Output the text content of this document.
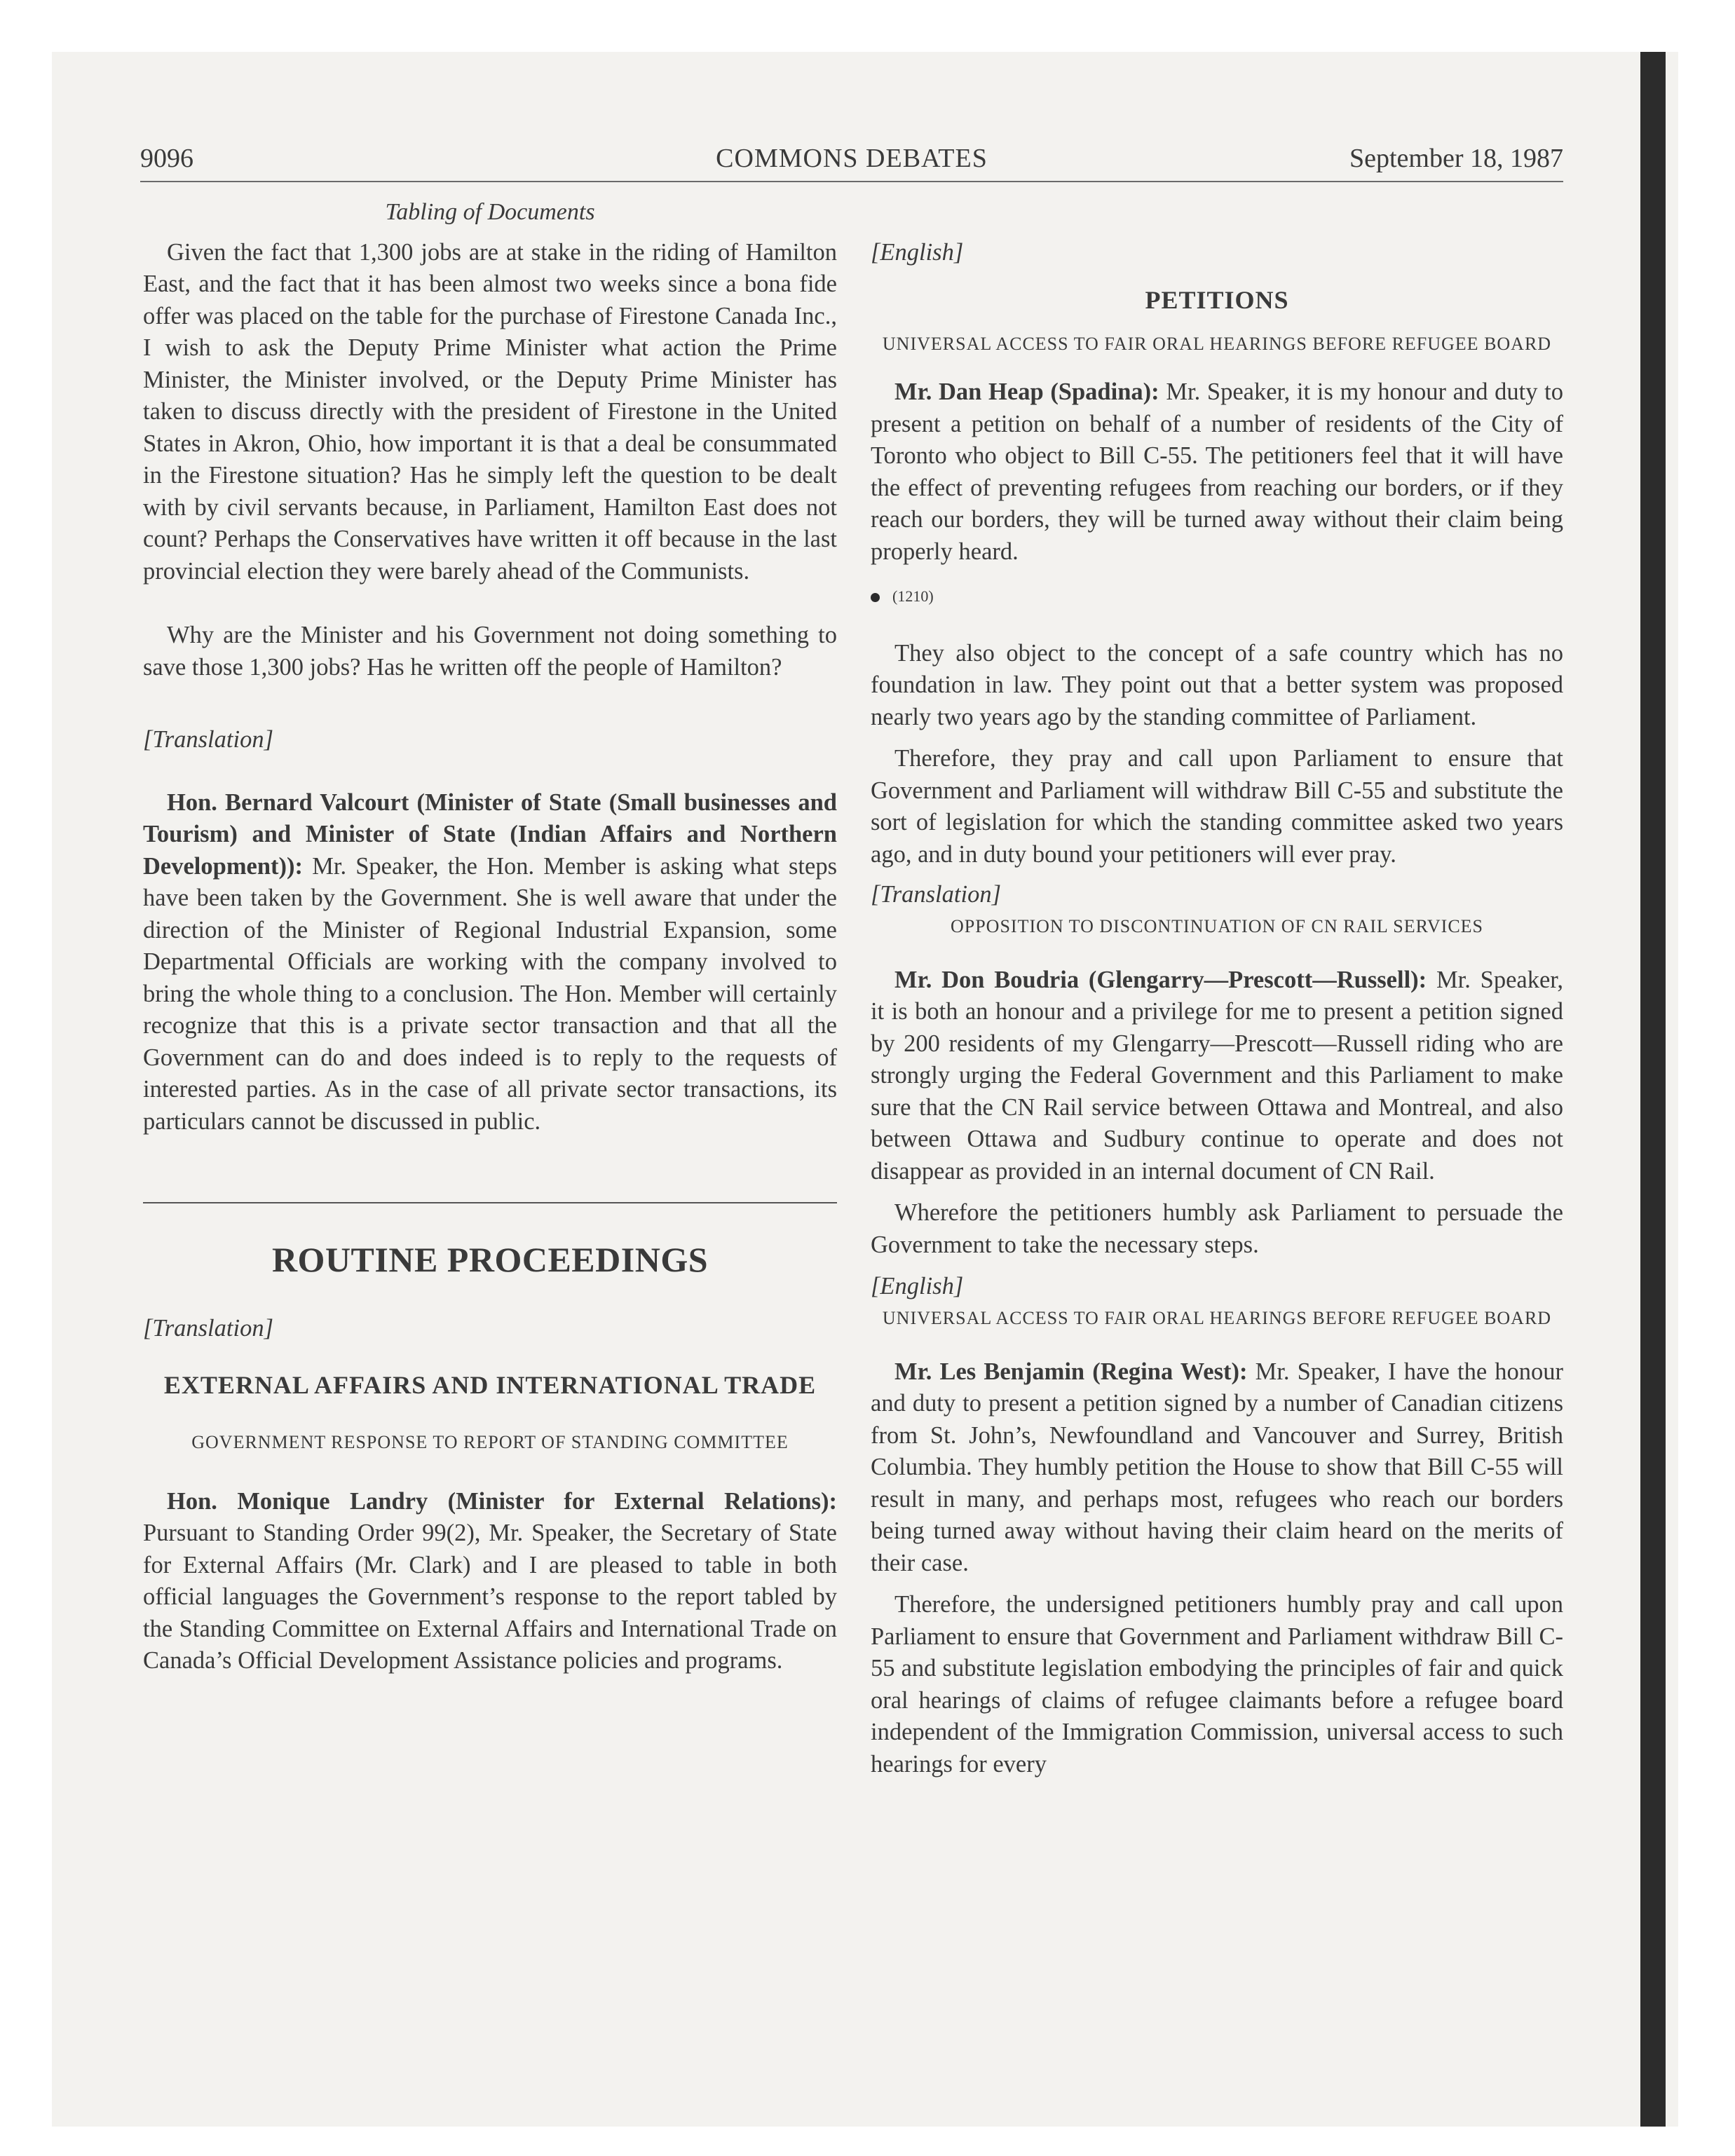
9096	COMMONS DEBATES	September 18, 1987
Tabling of Documents

Given the fact that 1,300 jobs are at stake in the riding of Hamilton East, and the fact that it has been almost two weeks since a bona fide offer was placed on the table for the purchase of Firestone Canada Inc., I wish to ask the Deputy Prime Minister what action the Prime Minister, the Minister involved, or the Deputy Prime Minister has taken to discuss directly with the president of Firestone in the United States in Akron, Ohio, how important it is that a deal be consummated in the Firestone situation? Has he simply left the question to be dealt with by civil servants because, in Parliament, Hamilton East does not count? Perhaps the Conservatives have written it off because in the last provincial election they were barely ahead of the Communists.

Why are the Minister and his Government not doing something to save those 1,300 jobs? Has he written off the people of Hamilton?

[Translation]

Hon. Bernard Valcourt (Minister of State (Small businesses and Tourism) and Minister of State (Indian Affairs and Northern Development)): Mr. Speaker, the Hon. Member is asking what steps have been taken by the Government. She is well aware that under the direction of the Minister of Regional Industrial Expansion, some Departmental Officials are working with the company involved to bring the whole thing to a conclusion. The Hon. Member will certainly recognize that this is a private sector transaction and that all the Government can do and does indeed is to reply to the requests of interested parties. As in the case of all private sector transactions, its particulars cannot be discussed in public.

ROUTINE PROCEEDINGS
[Translation]
EXTERNAL AFFAIRS AND INTERNATIONAL TRADE
GOVERNMENT RESPONSE TO REPORT OF STANDING COMMITTEE

Hon. Monique Landry (Minister for External Relations): Pursuant to Standing Order 99(2), Mr. Speaker, the Secretary of State for External Affairs (Mr. Clark) and I are pleased to table in both official languages the Government’s response to the report tabled by the Standing Committee on External Affairs and International Trade on Canada’s Official Development Assistance policies and programs.

[English]
PETITIONS
UNIVERSAL ACCESS TO FAIR ORAL HEARINGS BEFORE REFUGEE BOARD

Mr. Dan Heap (Spadina): Mr. Speaker, it is my honour and duty to present a petition on behalf of a number of residents of the City of Toronto who object to Bill C-55. The petitioners feel that it will have the effect of preventing refugees from reaching our borders, or if they reach our borders, they will be turned away without their claim being properly heard.

(1210)

They also object to the concept of a safe country which has no foundation in law. They point out that a better system was proposed nearly two years ago by the standing committee of Parliament.

Therefore, they pray and call upon Parliament to ensure that Government and Parliament will withdraw Bill C-55 and substitute the sort of legislation for which the standing committee asked two years ago, and in duty bound your petitioners will ever pray.

[Translation]
OPPOSITION TO DISCONTINUATION OF CN RAIL SERVICES

Mr. Don Boudria (Glengarry—Prescott—Russell): Mr. Speaker, it is both an honour and a privilege for me to present a petition signed by 200 residents of my Glengarry—Prescott—Russell riding who are strongly urging the Federal Government and this Parliament to make sure that the CN Rail service between Ottawa and Montreal, and also between Ottawa and Sudbury continue to operate and does not disappear as provided in an internal document of CN Rail.

Wherefore the petitioners humbly ask Parliament to persuade the Government to take the necessary steps.

[English]
UNIVERSAL ACCESS TO FAIR ORAL HEARINGS BEFORE REFUGEE BOARD

Mr. Les Benjamin (Regina West): Mr. Speaker, I have the honour and duty to present a petition signed by a number of Canadian citizens from St. John’s, Newfoundland and Vancouver and Surrey, British Columbia. They humbly petition the House to show that Bill C-55 will result in many, and perhaps most, refugees who reach our borders being turned away without having their claim heard on the merits of their case.

Therefore, the undersigned petitioners humbly pray and call upon Parliament to ensure that Government and Parliament withdraw Bill C-55 and substitute legislation embodying the principles of fair and quick oral hearings of claims of refugee claimants before a refugee board independent of the Immigration Commission, universal access to such hearings for every
